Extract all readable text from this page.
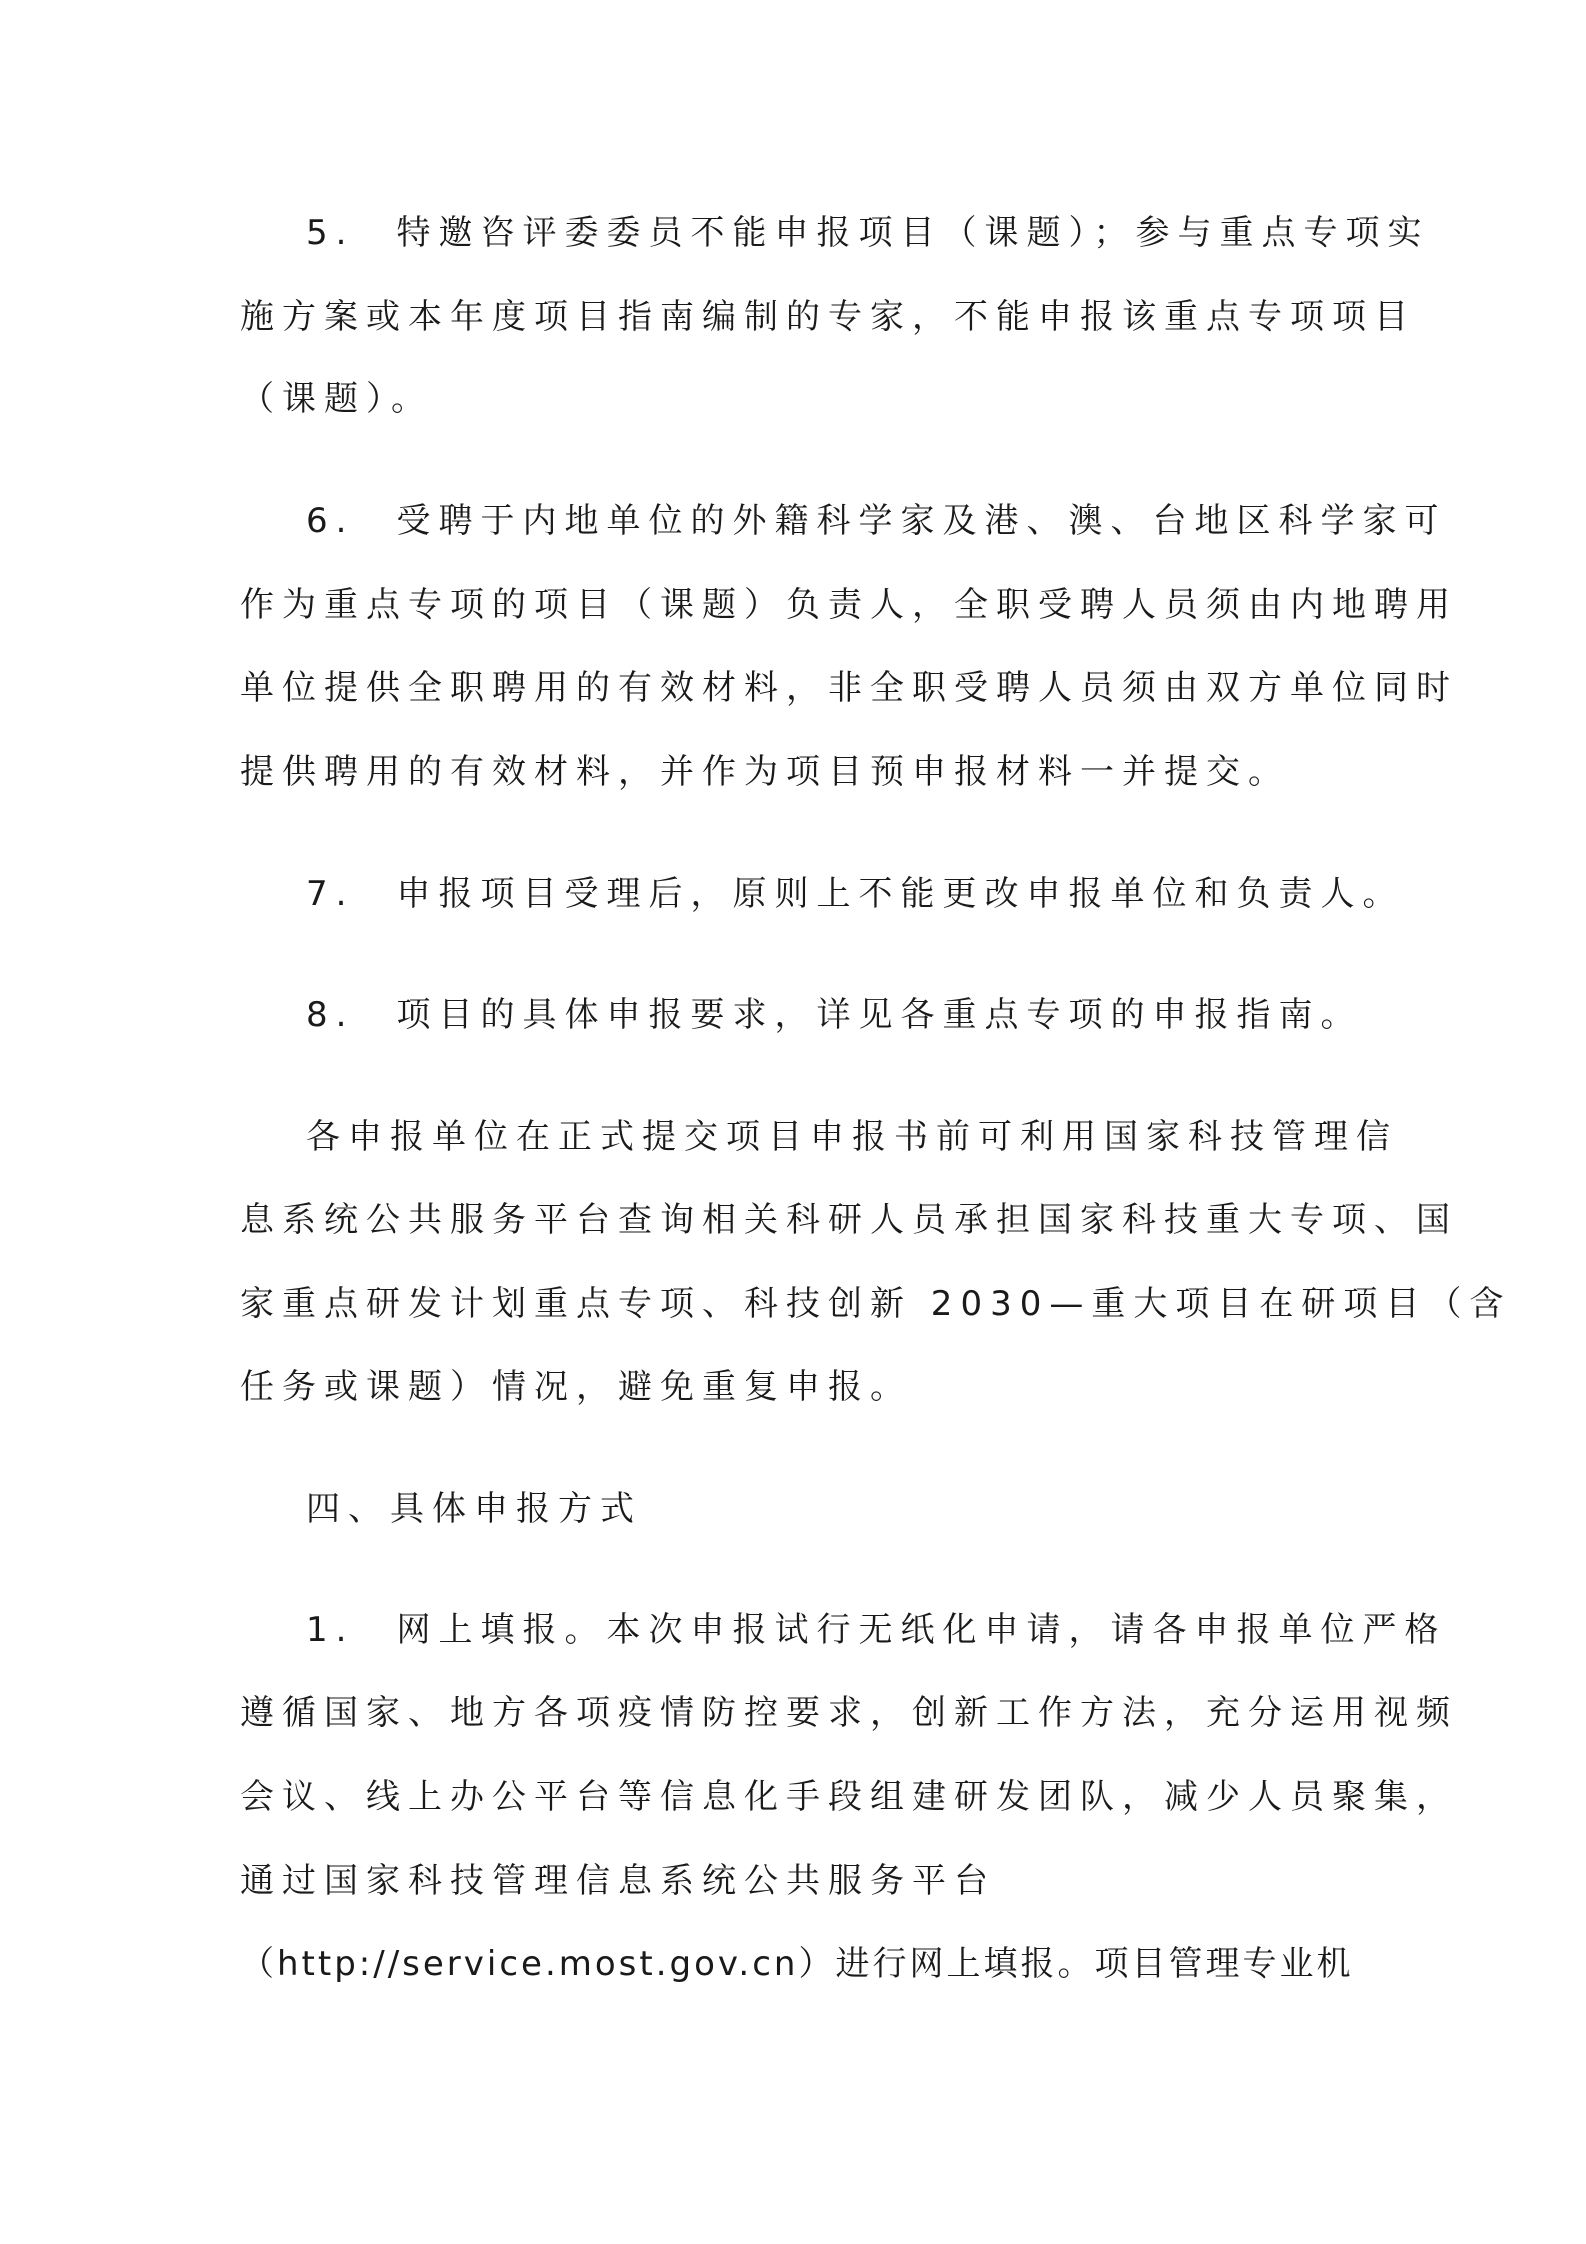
5.　特邀咨评委委员不能申报项目（课题）；参与重点专项实
施方案或本年度项目指南编制的专家，不能申报该重点专项项目
（课题）。
6.　受聘于内地单位的外籍科学家及港、澳、台地区科学家可
作为重点专项的项目（课题）负责人，全职受聘人员须由内地聘用
单位提供全职聘用的有效材料，非全职受聘人员须由双方单位同时
提供聘用的有效材料，并作为项目预申报材料一并提交。
7.　申报项目受理后，原则上不能更改申报单位和负责人。
8.　项目的具体申报要求，详见各重点专项的申报指南。
各申报单位在正式提交项目申报书前可利用国家科技管理信
息系统公共服务平台查询相关科研人员承担国家科技重大专项、国
家重点研发计划重点专项、科技创新 2030—重大项目在研项目（含
任务或课题）情况，避免重复申报。
四、具体申报方式
1.　网上填报。本次申报试行无纸化申请，请各申报单位严格
遵循国家、地方各项疫情防控要求，创新工作方法，充分运用视频
会议、线上办公平台等信息化手段组建研发团队，减少人员聚集，
通过国家科技管理信息系统公共服务平台
（http://service.most.gov.cn）进行网上填报。项目管理专业机
